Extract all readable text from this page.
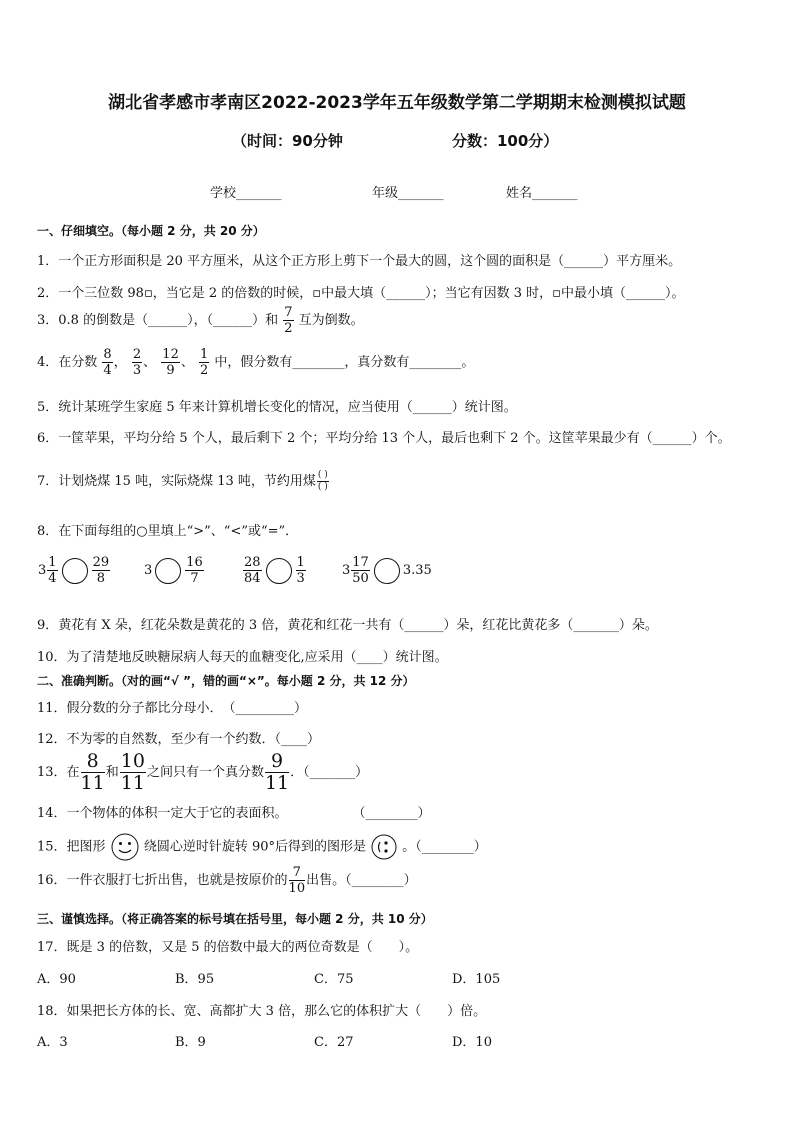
湖北省孝感市孝南区2022-2023学年五年级数学第二学期期末检测模拟试题
（时间：90分钟	分数：100分）
学校_______	年级_______	姓名_______
一、仔细填空。（每小题 2 分，共 20 分）
1．一个正方形面积是 20 平方厘米，从这个正方形上剪下一个最大的圆，这个圆的面积是（______）平方厘米。
2．一个三位数 98▫，当它是 2 的倍数的时候，▫中最大填（______）；当它有因数 3 时，▫中最小填（______）。
3．0.8 的倒数是（______），（______）和 $\frac{7}{2}$ 互为倒数。
4．在分数 $\frac{8}{4}$ ， $\frac{2}{3}$ 、 $\frac{12}{9}$ 、 $\frac{1}{2}$ 中，假分数有________，真分数有________。
5．统计某班学生家庭 5 年来计算机增长变化的情况，应当使用（______）统计图。
6．一筐苹果，平均分给 5 个人，最后剩下 2 个；平均分给 13 个人，最后也剩下 2 个。这筐苹果最少有（______）个。
7．计划烧煤 15 吨，实际烧煤 13 吨，节约用煤 $\frac{( )}{( )}$
8．在下面每组的○里填上“>”、“<”或“=”．
$3 \frac{1}{4}$	$\frac{29}{8}$	3	$\frac{16}{7}$	$\frac{28}{84}$	$\frac{1}{3}$	$3 \frac{17}{50}$	3.35
9．黄花有 X 朵，红花朵数是黄花的 3 倍，黄花和红花一共有（______）朵，红花比黄花多（_______）朵。
10．为了清楚地反映糖尿病人每天的血糖变化,应采用（____）统计图。
二、准确判断。（对的画“√ ”，错的画“×”。每小题 2 分，共 12 分）
11．假分数的分子都比分母小．　（_________）
12．不为零的自然数，至少有一个约数．（____）
13．在 $\frac{8}{11}$ 和 $\frac{10}{11}$ 之间只有一个真分数 $\frac{9}{11}$ ．（_______）
14．一个物体的体积一定大于它的表面积。　　　　　　（________）
15．把图形	绕圆心逆时针旋转 90°后得到的图形是	。（________）
16．一件衣服打七折出售，也就是按原价的 $\frac{7}{10}$ 出售。（________）
三、谨慎选择。（将正确答案的标号填在括号里，每小题 2 分，共 10 分）
17．既是 3 的倍数，又是 5 的倍数中最大的两位奇数是（　　）。
A．90	B．95	C．75	D．105
18．如果把长方体的长、宽、高都扩大 3 倍，那么它的体积扩大（　　）倍。
A．3	B．9	C．27	D．10
